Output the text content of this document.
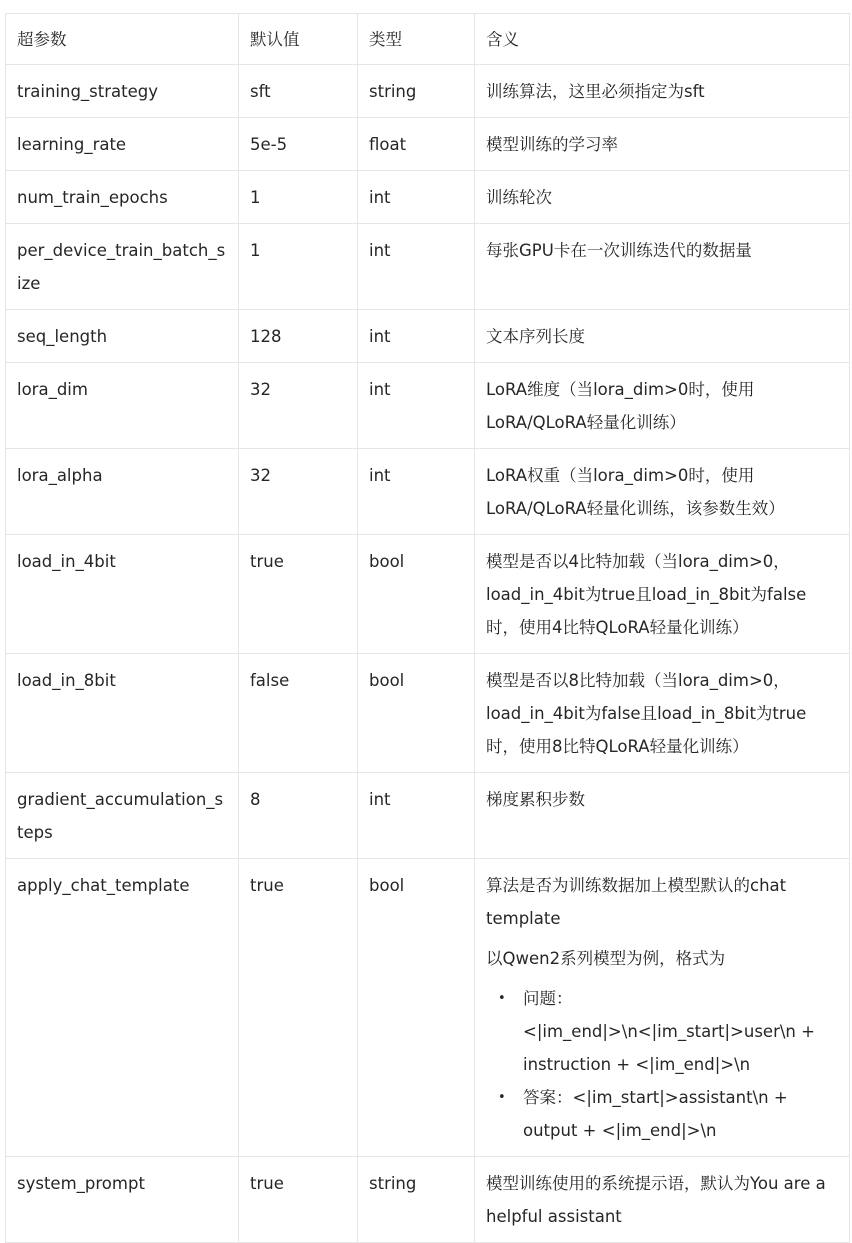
超参数	默认值	类型	含义
training_strategy	sft	string	训练算法，这里必须指定为sft

learning_rate	5e-5	float	模型训练的学习率

num_train_epochs	1	int	训练轮次

per_device_train_batch_size	1	int	每张GPU卡在一次训练迭代的数据量

seq_length	128	int	文本序列长度

lora_dim	32	int	LoRA维度（当lora_dim>0时，使用LoRA/QLoRA轻量化训练）

lora_alpha	32	int	LoRA权重（当lora_dim>0时，使用LoRA/QLoRA轻量化训练，该参数生效）

load_in_4bit	true	bool	模型是否以4比特加载（当lora_dim>0，load_in_4bit为true且load_in_8bit为false时，使用4比特QLoRA轻量化训练）

load_in_8bit	false	bool	模型是否以8比特加载（当lora_dim>0，load_in_4bit为false且load_in_8bit为true时，使用8比特QLoRA轻量化训练）

gradient_accumulation_steps	8	int	梯度累积步数

apply_chat_template	true	bool	算法是否为训练数据加上模型默认的chat template

以Qwen2系列模型为例，格式为

• 问题：<|im_end|>\n<|im_start|>user\n + instruction + <|im_end|>\n
• 答案：<|im_start|>assistant\n + output + <|im_end|>\n

system_prompt	true	string	模型训练使用的系统提示语，默认为You are a helpful assistant
